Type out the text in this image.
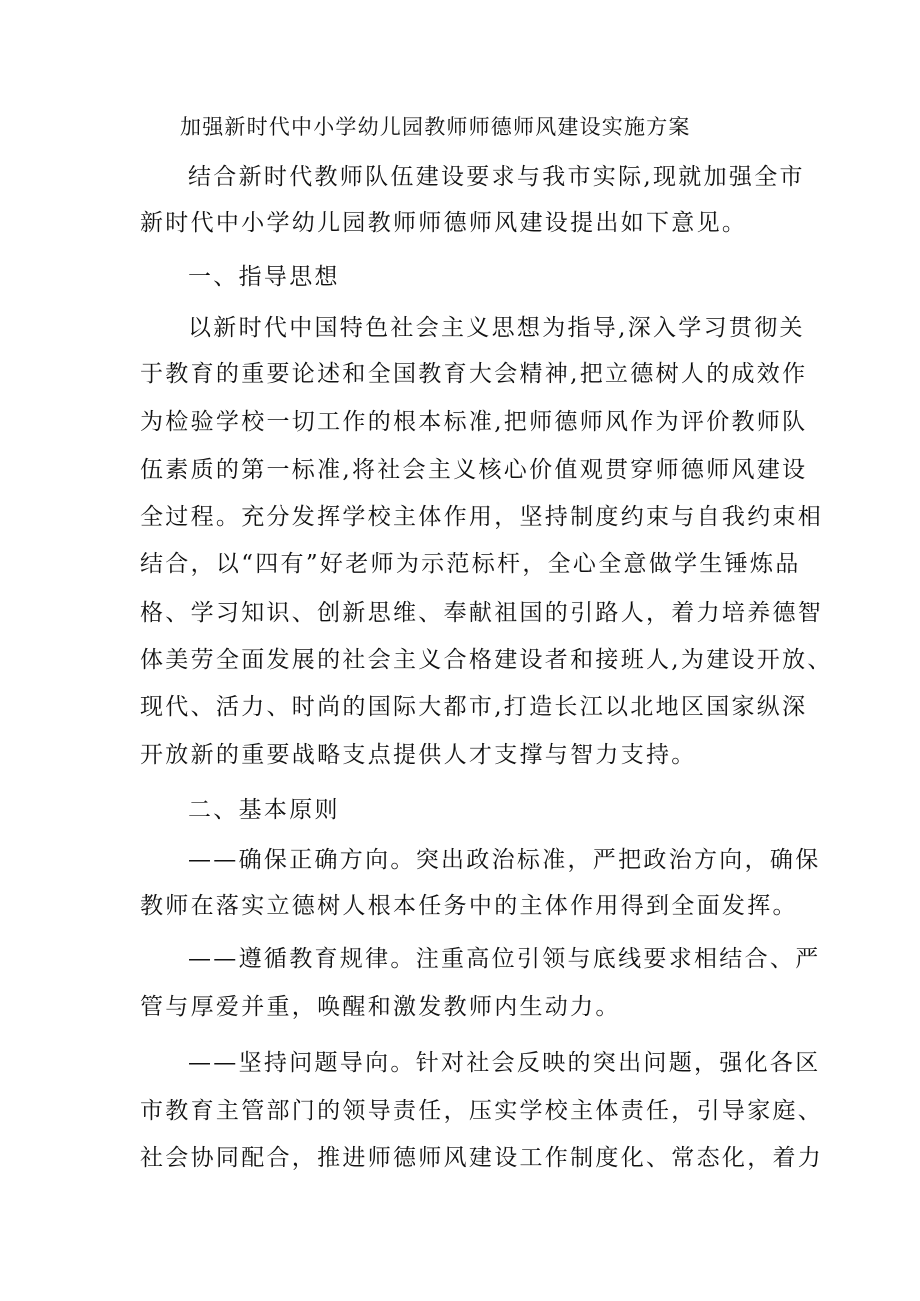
加强新时代中小学幼儿园教师师德师风建设实施方案
结合新时代教师队伍建设要求与我市实际,现就加强全市
新时代中小学幼儿园教师师德师风建设提出如下意见。
一、指导思想
以新时代中国特色社会主义思想为指导,深入学习贯彻关
于教育的重要论述和全国教育大会精神,把立德树人的成效作
为检验学校一切工作的根本标准,把师德师风作为评价教师队
伍素质的第一标准,将社会主义核心价值观贯穿师德师风建设
全过程。充分发挥学校主体作用，坚持制度约束与自我约束相
结合，以“四有”好老师为示范标杆，全心全意做学生锤炼品
格、学习知识、创新思维、奉献祖国的引路人，着力培养德智
体美劳全面发展的社会主义合格建设者和接班人,为建设开放、
现代、活力、时尚的国际大都市,打造长江以北地区国家纵深
开放新的重要战略支点提供人才支撑与智力支持。
二、基本原则
——确保正确方向。突出政治标准，严把政治方向，确保
教师在落实立德树人根本任务中的主体作用得到全面发挥。
——遵循教育规律。注重高位引领与底线要求相结合、严
管与厚爱并重，唤醒和激发教师内生动力。
——坚持问题导向。针对社会反映的突出问题，强化各区
市教育主管部门的领导责任，压实学校主体责任，引导家庭、
社会协同配合，推进师德师风建设工作制度化、常态化，着力
